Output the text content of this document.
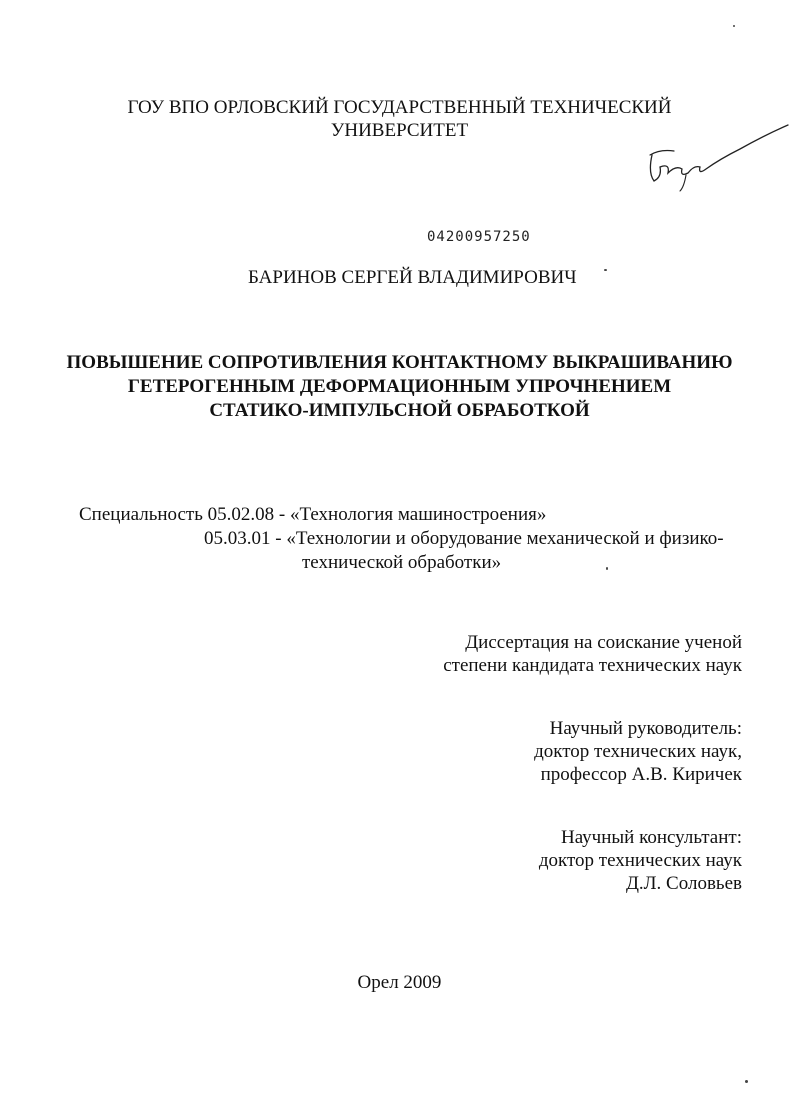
ГОУ ВПО ОРЛОВСКИЙ ГОСУДАРСТВЕННЫЙ ТЕХНИЧЕСКИЙ
УНИВЕРСИТЕТ
04200957250
БАРИНОВ СЕРГЕЙ ВЛАДИМИРОВИЧ
ПОВЫШЕНИЕ СОПРОТИВЛЕНИЯ КОНТАКТНОМУ ВЫКРАШИВАНИЮ
ГЕТЕРОГЕННЫМ ДЕФОРМАЦИОННЫМ УПРОЧНЕНИЕМ
СТАТИКО-ИМПУЛЬСНОЙ ОБРАБОТКОЙ
Специальность 05.02.08 - «Технология машиностроения»
05.03.01 - «Технологии и оборудование механической и физико-
технической обработки»
Диссертация на соискание ученой
степени кандидата технических наук
Научный руководитель:
доктор технических наук,
профессор А.В. Киричек
Научный консультант:
доктор технических наук
Д.Л. Соловьев
Орел 2009
